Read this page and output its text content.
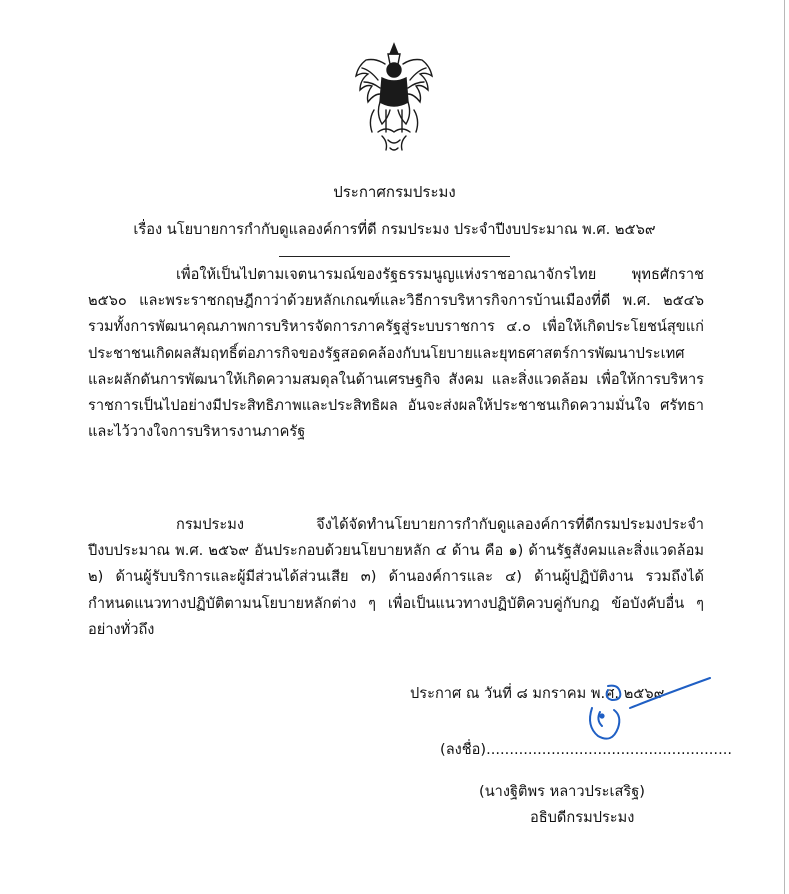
ประกาศกรมประมง
เรื่อง นโยบายการกำกับดูแลองค์การที่ดี กรมประมง ประจำปีงบประมาณ พ.ศ. ๒๕๖๙

เพื่อให้เป็นไปตามเจตนารมณ์ของรัฐธรรมนูญแห่งราชอาณาจักรไทย พุทธศักราช ๒๕๖๐ และพระราชกฤษฎีกาว่าด้วยหลักเกณฑ์และวิธีการบริหารกิจการบ้านเมืองที่ดี พ.ศ. ๒๕๔๖ รวมทั้งการพัฒนาคุณภาพการบริหารจัดการภาครัฐสู่ระบบราชการ ๔.๐ เพื่อให้เกิดประโยชน์สุขแก่ประชาชนเกิดผลสัมฤทธิ์ต่อภารกิจของรัฐสอดคล้องกับนโยบายและยุทธศาสตร์การพัฒนาประเทศ และผลักดันการพัฒนาให้เกิดความสมดุลในด้านเศรษฐกิจ สังคม และสิ่งแวดล้อม เพื่อให้การบริหารราชการเป็นไปอย่างมีประสิทธิภาพและประสิทธิผล อันจะส่งผลให้ประชาชนเกิดความมั่นใจ ศรัทธาและไว้วางใจการบริหารงานภาครัฐ

กรมประมง จึงได้จัดทำนโยบายการกำกับดูแลองค์การที่ดีกรมประมงประจำปีงบประมาณ พ.ศ. ๒๕๖๙ อันประกอบด้วยนโยบายหลัก ๔ ด้าน คือ ๑) ด้านรัฐสังคมและสิ่งแวดล้อม ๒) ด้านผู้รับบริการและผู้มีส่วนได้ส่วนเสีย ๓) ด้านองค์การและ ๔) ด้านผู้ปฏิบัติงาน รวมถึงได้กำหนดแนวทางปฏิบัติตามนโยบายหลักต่าง ๆ เพื่อเป็นแนวทางปฏิบัติควบคู่กับกฎ ข้อบังคับอื่น ๆ อย่างทั่วถึง

ประกาศ ณ วันที่ ๘ มกราคม พ.ศ. ๒๕๖๙
(ลงชื่อ).....................................................
(นางฐิติพร หลาวประเสริฐ)
อธิบดีกรมประมง
